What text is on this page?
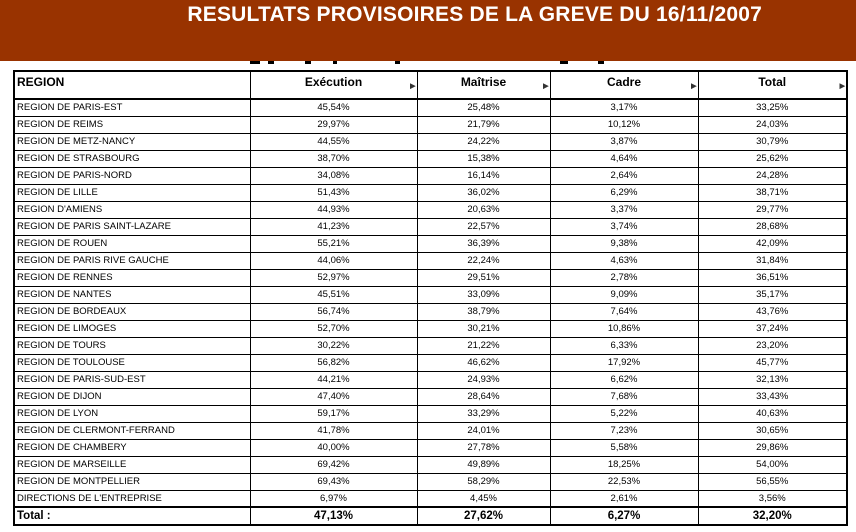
RESULTATS PROVISOIRES DE LA GREVE DU 16/11/2007
REGION	Exécution ▶	Maîtrise ▶	Cadre ▶	Total ▶

REGION DE PARIS-EST	45,54%	25,48%	3,17%	33,25%
REGION DE REIMS	29,97%	21,79%	10,12%	24,03%
REGION DE METZ-NANCY	44,55%	24,22%	3,87%	30,79%
REGION DE STRASBOURG	38,70%	15,38%	4,64%	25,62%
REGION DE PARIS-NORD	34,08%	16,14%	2,64%	24,28%
REGION DE LILLE	51,43%	36,02%	6,29%	38,71%
REGION D'AMIENS	44,93%	20,63%	3,37%	29,77%
REGION DE PARIS SAINT-LAZARE	41,23%	22,57%	3,74%	28,68%
REGION DE ROUEN	55,21%	36,39%	9,38%	42,09%
REGION DE PARIS RIVE GAUCHE	44,06%	22,24%	4,63%	31,84%
REGION DE RENNES	52,97%	29,51%	2,78%	36,51%
REGION DE NANTES	45,51%	33,09%	9,09%	35,17%
REGION DE BORDEAUX	56,74%	38,79%	7,64%	43,76%
REGION DE LIMOGES	52,70%	30,21%	10,86%	37,24%
REGION DE TOURS	30,22%	21,22%	6,33%	23,20%
REGION DE TOULOUSE	56,82%	46,62%	17,92%	45,77%
REGION DE PARIS-SUD-EST	44,21%	24,93%	6,62%	32,13%
REGION DE DIJON	47,40%	28,64%	7,68%	33,43%
REGION DE LYON	59,17%	33,29%	5,22%	40,63%
REGION DE CLERMONT-FERRAND	41,78%	24,01%	7,23%	30,65%
REGION DE CHAMBERY	40,00%	27,78%	5,58%	29,86%
REGION DE MARSEILLE	69,42%	49,89%	18,25%	54,00%
REGION DE MONTPELLIER	69,43%	58,29%	22,53%	56,55%
DIRECTIONS DE L'ENTREPRISE	6,97%	4,45%	2,61%	3,56%
Total :	47,13%	27,62%	6,27%	32,20%
